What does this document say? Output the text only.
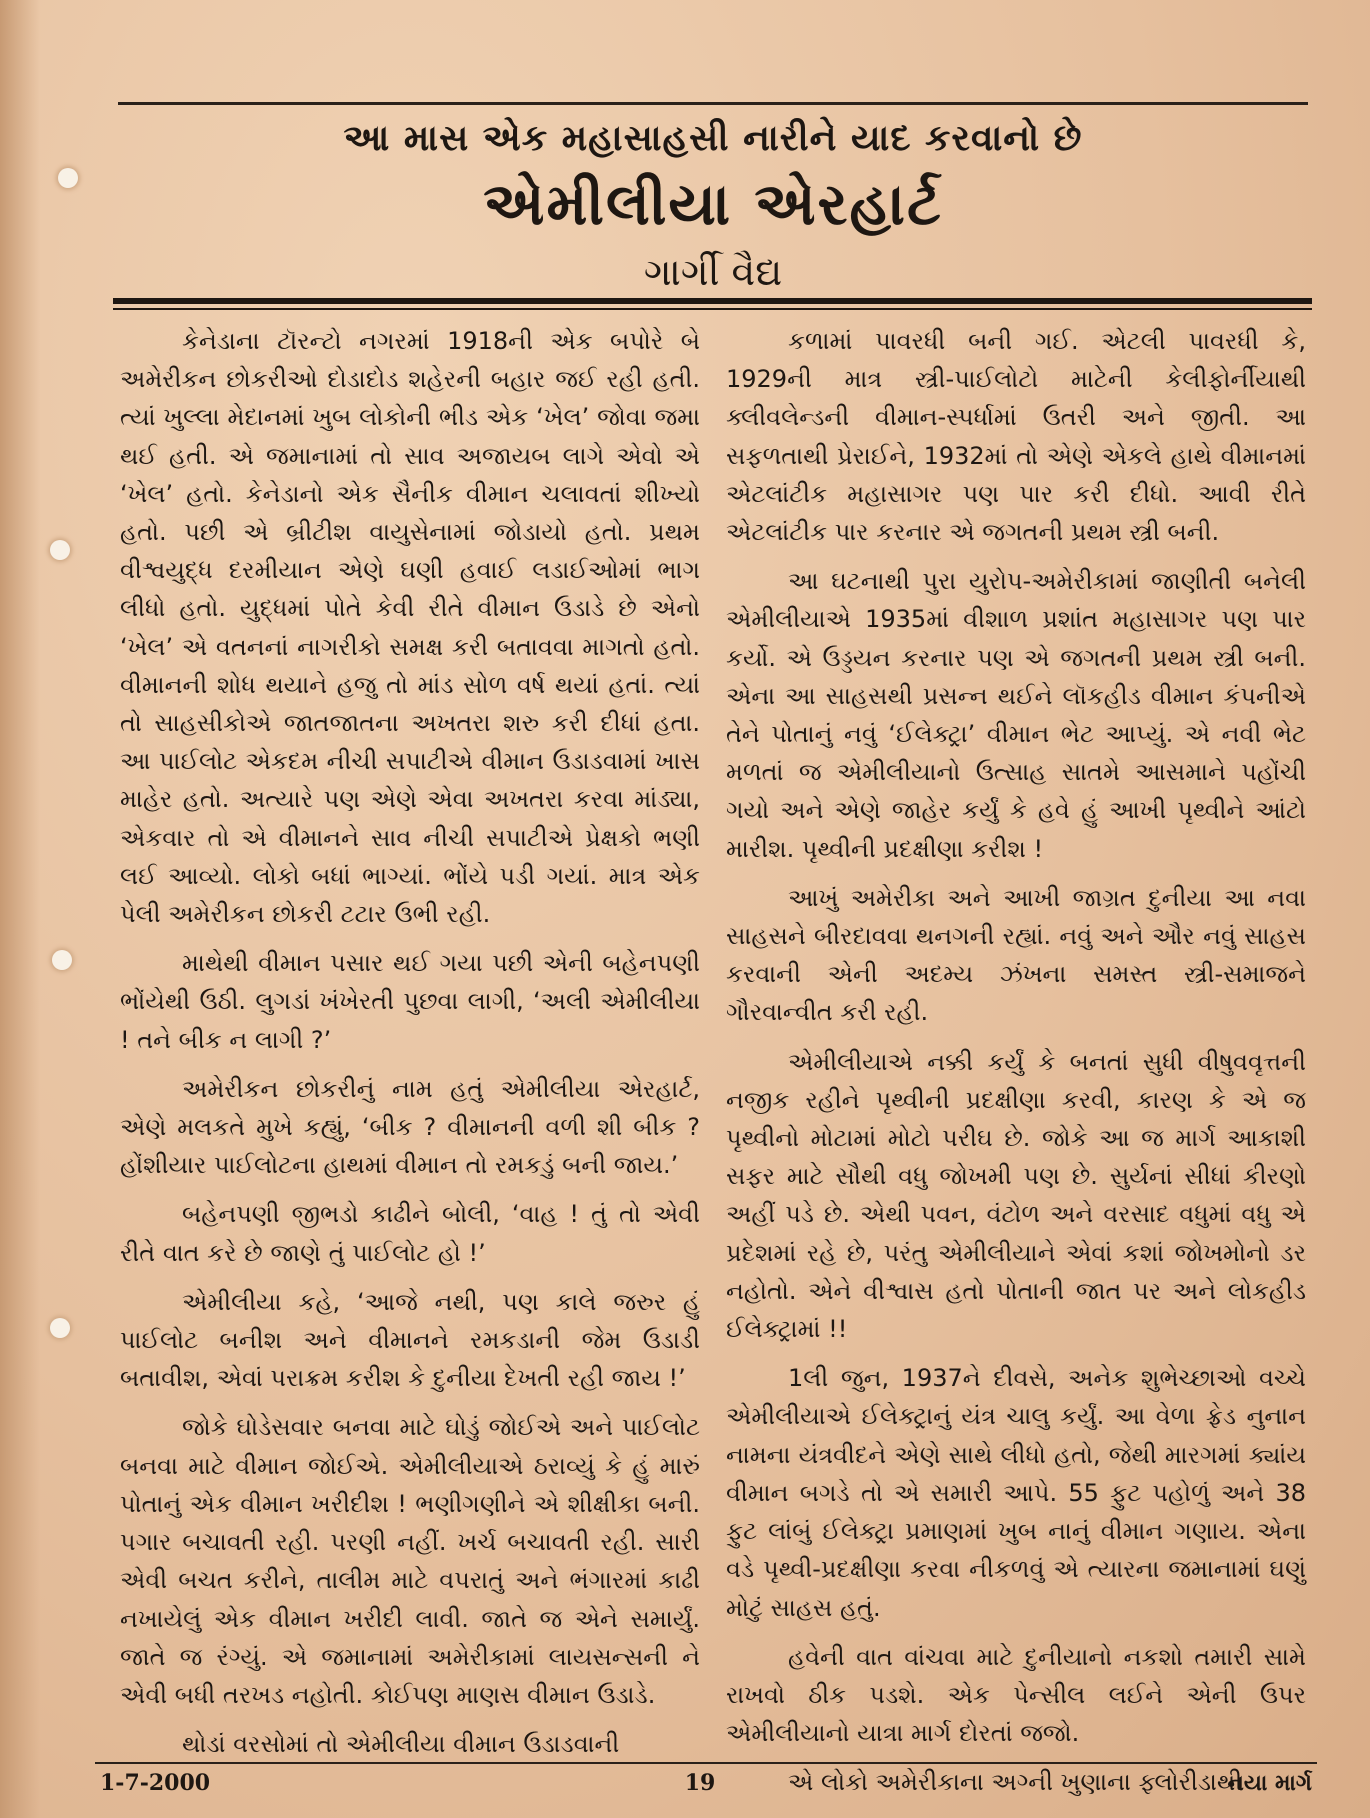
આ માસ એક મહાસાહસી નારીને યાદ કરવાનો છે
એમીલીયા એરહાર્ટ
ગાર્ગી વૈદ્ય

કેનેડાના ટૉરન્ટો નગરમાં 1918ની એક બપોરે બે અમેરીકન છોકરીઓ દોડાદોડ શહેરની બહાર જઈ રહી હતી. ત્યાં ખુલ્લા મેદાનમાં ખુબ લોકોની ભીડ એક ‘ખેલ’ જોવા જમા થઈ હતી. એ જમાનામાં તો સાવ અજાયબ લાગે એવો એ ‘ખેલ’ હતો. કેનેડાનો એક સૈનીક વીમાન ચલાવતાં શીખ્યો હતો. પછી એ બ્રીટીશ વાયુસેનામાં જોડાયો હતો. પ્રથમ વીશ્વયુદ્ધ દરમીયાન એણે ઘણી હવાઈ લડાઈઓમાં ભાગ લીધો હતો. યુદ્ધમાં પોતે કેવી રીતે વીમાન ઉડાડે છે એનો ‘ખેલ’ એ વતનનાં નાગરીકો સમક્ષ કરી બતાવવા માગતો હતો. વીમાનની શોધ થયાને હજુ તો માંડ સોળ વર્ષ થયાં હતાં. ત્યાં તો સાહસીકોએ જાતજાતના અખતરા શરુ કરી દીધાં હતા. આ પાઈલોટ એકદમ નીચી સપાટીએ વીમાન ઉડાડવામાં ખાસ માહેર હતો. અત્યારે પણ એણે એવા અખતરા કરવા માંડ્યા, એકવાર તો એ વીમાનને સાવ નીચી સપાટીએ પ્રેક્ષકો ભણી લઈ આવ્યો. લોકો બધાં ભાગ્યાં. ભોંયે પડી ગયાં. માત્ર એક પેલી અમેરીકન છોકરી ટટાર ઉભી રહી.

માથેથી વીમાન પસાર થઈ ગયા પછી એની બહેનપણી ભોંયેથી ઉઠી. લુગડાં ખંખેરતી પુછવા લાગી, ‘અલી એમીલીયા ! તને બીક ન લાગી ?’

અમેરીકન છોકરીનું નામ હતું એમીલીયા એરહાર્ટ, એણે મલકતે મુખે કહ્યું, ‘બીક ? વીમાનની વળી શી બીક ? હોંશીયાર પાઈલોટના હાથમાં વીમાન તો રમકડું બની જાય.’

બહેનપણી જીભડો કાઢીને બોલી, ‘વાહ ! તું તો એવી રીતે વાત કરે છે જાણે તું પાઈલોટ હો !’

એમીલીયા કહે, ‘આજે નથી, પણ કાલે જરુર હું પાઈલોટ બનીશ અને વીમાનને રમકડાની જેમ ઉડાડી બતાવીશ, એવાં પરાક્રમ કરીશ કે દુનીયા દેખતી રહી જાય !’

જોકે ઘોડેસવાર બનવા માટે ઘોડું જોઈએ અને પાઈલોટ બનવા માટે વીમાન જોઈએ. એમીલીયાએ ઠરાવ્યું કે હું મારું પોતાનું એક વીમાન ખરીદીશ ! ભણીગણીને એ શીક્ષીકા બની. પગાર બચાવતી રહી. પરણી નહીં. ખર્ચ બચાવતી રહી. સારી એવી બચત કરીને, તાલીમ માટે વપરાતું અને ભંગારમાં કાઢી નખાયેલું એક વીમાન ખરીદી લાવી. જાતે જ એને સમાર્યું. જાતે જ રંગ્યું. એ જમાનામાં અમેરીકામાં લાયસન્સની ને એવી બધી તરખડ નહોતી. કોઈપણ માણસ વીમાન ઉડાડે.

થોડાં વરસોમાં તો એમીલીયા વીમાન ઉડાડવાની

કળામાં પાવરધી બની ગઈ. એટલી પાવરધી કે, 1929ની માત્ર સ્ત્રી-પાઈલોટો માટેની કેલીફોર્નીયાથી ક્લીવલેન્ડની વીમાન-સ્પર્ધામાં ઉતરી અને જીતી. આ સફળતાથી પ્રેરાઈને, 1932માં તો એણે એકલે હાથે વીમાનમાં એટલાંટીક મહાસાગર પણ પાર કરી દીધો. આવી રીતે એટલાંટીક પાર કરનાર એ જગતની પ્રથમ સ્ત્રી બની.

આ ઘટનાથી પુરા યુરોપ-અમેરીકામાં જાણીતી બનેલી એમીલીયાએ 1935માં વીશાળ પ્રશાંત મહાસાગર પણ પાર કર્યો. એ ઉડ્ડયન કરનાર પણ એ જગતની પ્રથમ સ્ત્રી બની. એના આ સાહસથી પ્રસન્ન થઈને લૉકહીડ વીમાન કંપનીએ તેને પોતાનું નવું ‘ઈલેક્ટ્રા’ વીમાન ભેટ આપ્યું. એ નવી ભેટ મળતાં જ એમીલીયાનો ઉત્સાહ સાતમે આસમાને પહોંચી ગયો અને એણે જાહેર કર્યું કે હવે હું આખી પૃથ્વીને આંટો મારીશ. પૃથ્વીની પ્રદક્ષીણા કરીશ !

આખું અમેરીકા અને આખી જાગ્રત દુનીયા આ નવા સાહસને બીરદાવવા થનગની રહ્યાં. નવું અને ઔર નવું સાહસ કરવાની એની અદમ્ય ઝંખના સમસ્ત સ્ત્રી-સમાજને ગૌરવાન્વીત કરી રહી.

એમીલીયાએ નક્કી કર્યું કે બનતાં સુધી વીષુવવૃત્તની નજીક રહીને પૃથ્વીની પ્રદક્ષીણા કરવી, કારણ કે એ જ પૃથ્વીનો મોટામાં મોટો પરીઘ છે. જોકે આ જ માર્ગ આકાશી સફર માટે સૌથી વધુ જોખમી પણ છે. સુર્યનાં સીધાં કીરણો અહીં પડે છે. એથી પવન, વંટોળ અને વરસાદ વધુમાં વધુ એ પ્રદેશમાં રહે છે, પરંતુ એમીલીયાને એવાં કશાં જોખમોનો ડર નહોતો. એને વીશ્વાસ હતો પોતાની જાત પર અને લોકહીડ ઈલેક્ટ્રામાં !!

1લી જુન, 1937ને દીવસે, અનેક શુભેચ્છાઓ વચ્ચે એમીલીયાએ ઈલેક્ટ્રાનું યંત્ર ચાલુ કર્યું. આ વેળા ફ્રેડ નુનાન નામના યંત્રવીદને એણે સાથે લીધો હતો, જેથી મારગમાં ક્યાંય વીમાન બગડે તો એ સમારી આપે. 55 ફુટ પહોળું અને 38 ફુટ લાંબું ઈલેક્ટ્રા પ્રમાણમાં ખુબ નાનું વીમાન ગણાય. એના વડે પૃથ્વી-પ્રદક્ષીણા કરવા નીકળવું એ ત્યારના જમાનામાં ઘણું મોટું સાહસ હતું.

હવેની વાત વાંચવા માટે દુનીયાનો નકશો તમારી સામે રાખવો ઠીક પડશે. એક પેન્સીલ લઈને એની ઉપર એમીલીયાનો યાત્રા માર્ગ દોરતાં જજો.

એ લોકો અમેરીકાના અગ્ની ખુણાના ફ્લોરીડાથી

1-7-2000	19	નયા માર્ગ
